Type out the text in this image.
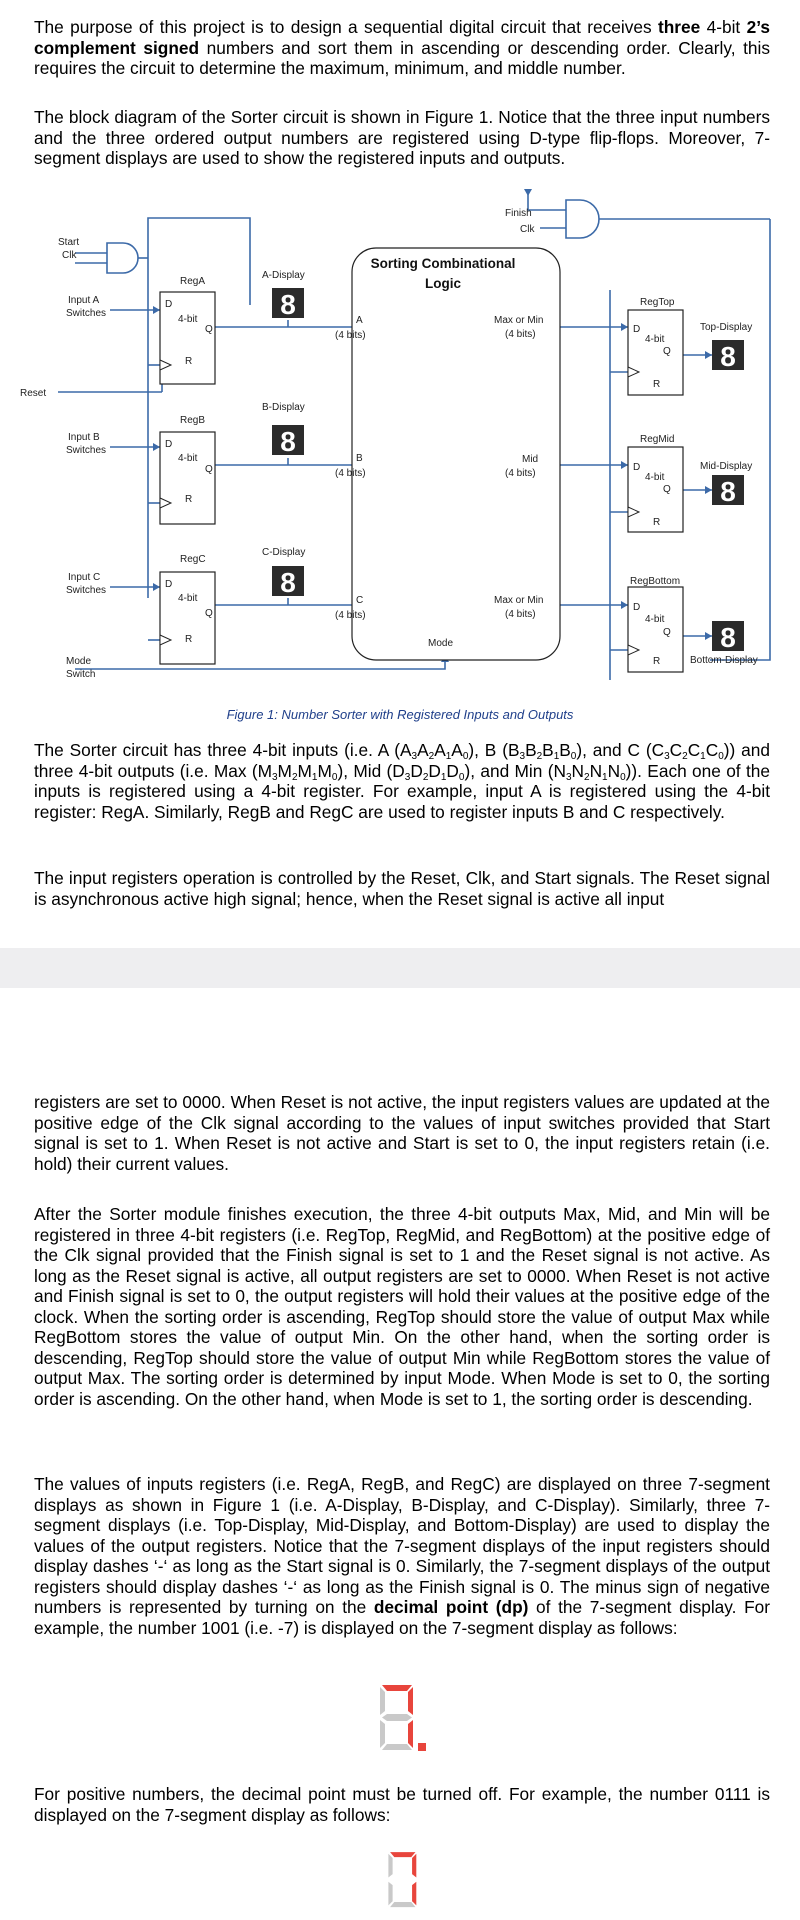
The purpose of this project is to design a sequential digital circuit that receives three 4-bit 2’s complement signed numbers and sort them in ascending or descending order. Clearly, this requires the circuit to determine the maximum, minimum, and middle number.

The block diagram of the Sorter circuit is shown in Figure 1. Notice that the three input numbers and the three ordered output numbers are registered using D-type flip-flops. Moreover, 7-segment displays are used to show the registered inputs and outputs.

8
8
8
8
8
8
Start
Clk
Finish
Clk
Reset
Input A
Switches
Input B
Switches
Input C
Switches
Mode
Switch
RegA
RegB
RegC
RegTop
RegMid
RegBottom
A-Display
B-Display
C-Display
Top-Display
Mid-Display
Bottom-Display
D
4-bit
Q
R
D
4-bit
Q
R
D
4-bit
Q
R
D
4-bit
Q
R
D
4-bit
Q
R
D
4-bit
Q
R
A
(4 bits)
B
(4 bits)
C
(4 bits)
Max or Min
(4 bits)
Mid
(4 bits)
Max or Min
(4 bits)
Mode
Sorting Combinational
Logic
Figure 1: Number Sorter with Registered Inputs and Outputs

The Sorter circuit has three 4-bit inputs (i.e. A $(A_3A_2A_1A_0)$, B $(B_3B_2B_1B_0)$, and C $(C_3C_2C_1C_0)$) and three 4-bit outputs (i.e. Max $(M_3M_2M_1M_0)$, Mid $(D_3D_2D_1D_0)$, and Min $(N_3N_2N_1N_0)$). Each one of the inputs is registered using a 4-bit register. For example, input A is registered using the 4-bit register: RegA. Similarly, RegB and RegC are used to register inputs B and C respectively.

The input registers operation is controlled by the Reset, Clk, and Start signals. The Reset signal is asynchronous active high signal; hence, when the Reset signal is active all input

registers are set to 0000. When Reset is not active, the input registers values are updated at the positive edge of the Clk signal according to the values of input switches provided that Start signal is set to 1. When Reset is not active and Start is set to 0, the input registers retain (i.e. hold) their current values.

After the Sorter module finishes execution, the three 4-bit outputs Max, Mid, and Min will be registered in three 4-bit registers (i.e. RegTop, RegMid, and RegBottom) at the positive edge of the Clk signal provided that the Finish signal is set to 1 and the Reset signal is not active. As long as the Reset signal is active, all output registers are set to 0000. When Reset is not active and Finish signal is set to 0, the output registers will hold their values at the positive edge of the clock. When the sorting order is ascending, RegTop should store the value of output Max while RegBottom stores the value of output Min. On the other hand, when the sorting order is descending, RegTop should store the value of output Min while RegBottom stores the value of output Max. The sorting order is determined by input Mode. When Mode is set to 0, the sorting order is ascending. On the other hand, when Mode is set to 1, the sorting order is descending.

The values of inputs registers (i.e. RegA, RegB, and RegC) are displayed on three 7-segment displays as shown in Figure 1 (i.e. A-Display, B-Display, and C-Display). Similarly, three 7-segment displays (i.e. Top-Display, Mid-Display, and Bottom-Display) are used to display the values of the output registers. Notice that the 7-segment displays of the input registers should display dashes ‘-‘ as long as the Start signal is 0. Similarly, the 7-segment displays of the output registers should display dashes ‘-‘ as long as the Finish signal is 0. The minus sign of negative numbers is represented by turning on the decimal point (dp) of the 7-segment display. For example, the number 1001 (i.e. -7) is displayed on the 7-segment display as follows:

For positive numbers, the decimal point must be turned off. For example, the number 0111 is displayed on the 7-segment display as follows:
